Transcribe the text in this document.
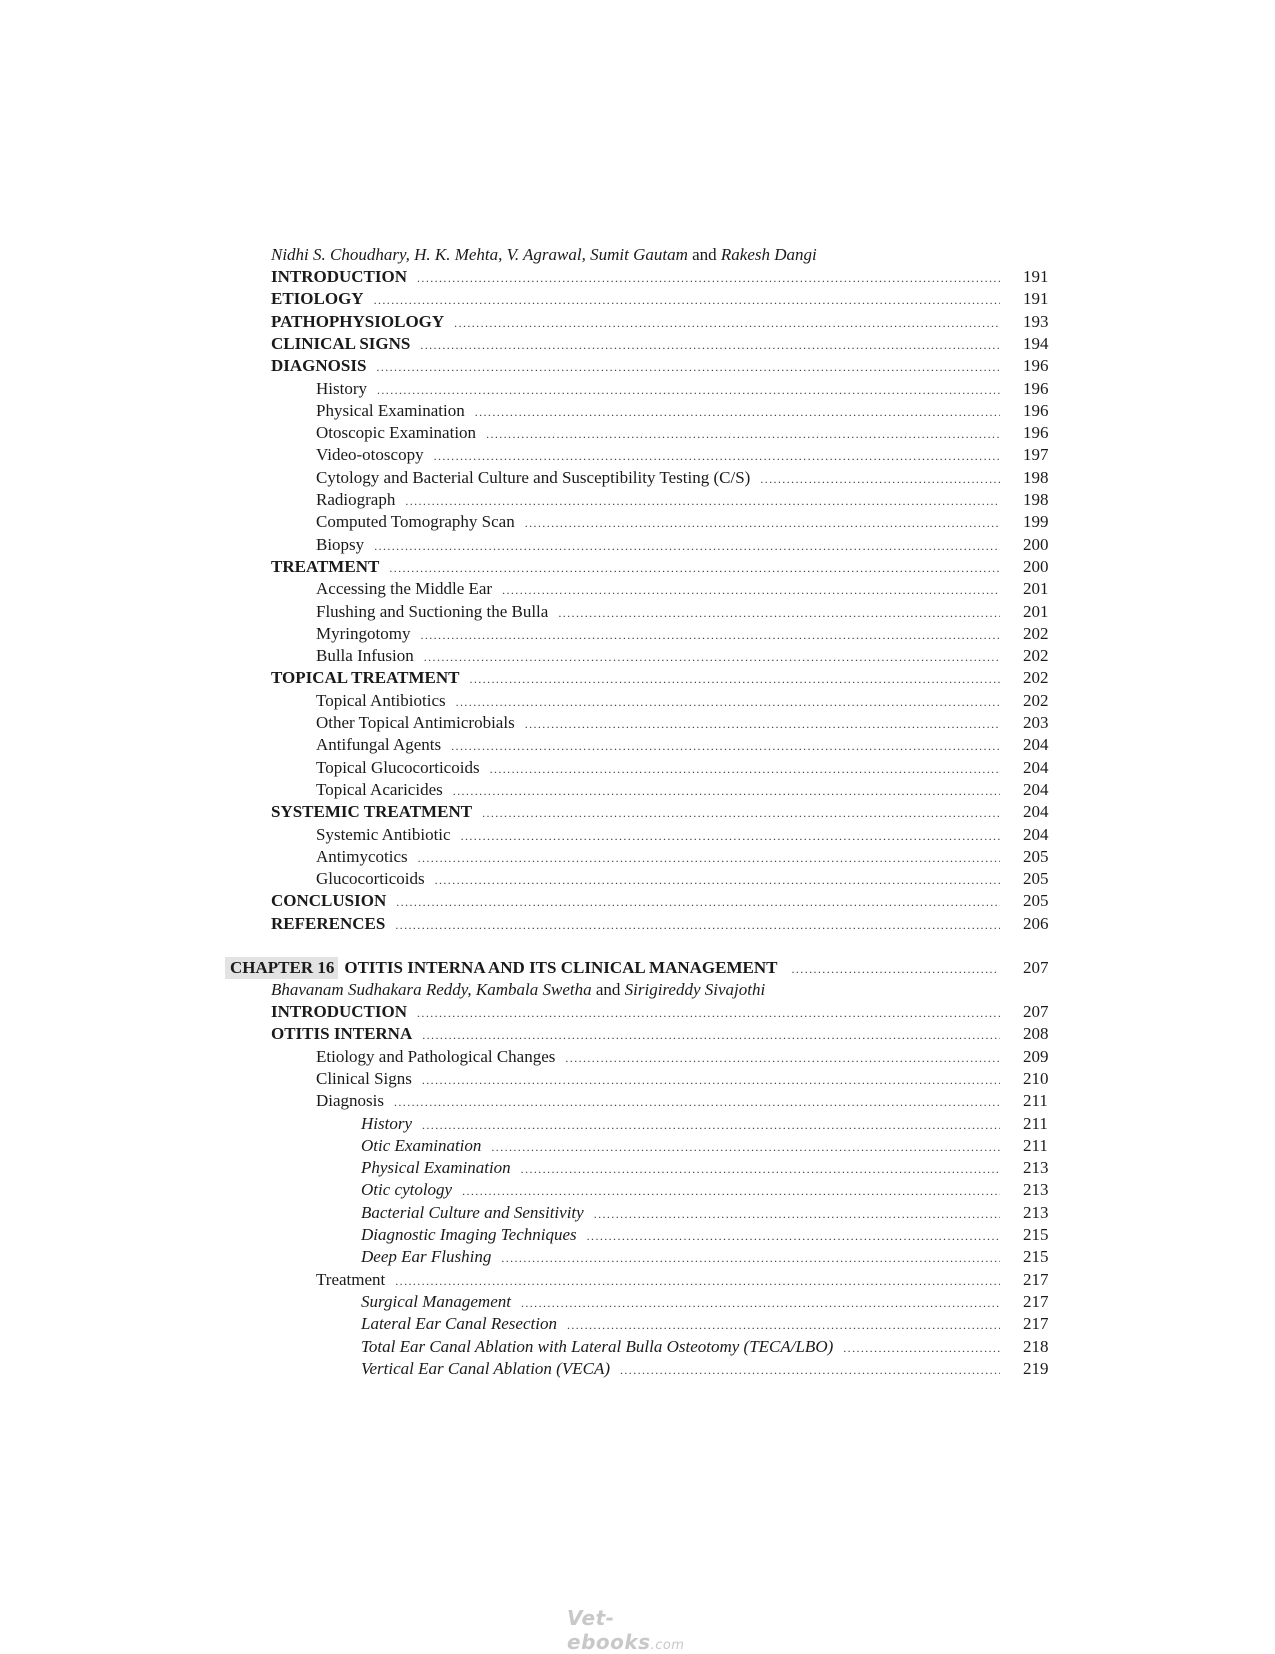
Nidhi S. Choudhary, H. K. Mehta, V. Agrawal, Sumit Gautam and Rakesh Dangi
INTRODUCTION .....	191
ETIOLOGY .....	191
PATHOPHYSIOLOGY .....	193
CLINICAL SIGNS .....	194
DIAGNOSIS .....	196
History .....	196
Physical Examination .....	196
Otoscopic Examination .....	196
Video-otoscopy .....	197
Cytology and Bacterial Culture and Susceptibility Testing (C/S) .....	198
Radiograph .....	198
Computed Tomography Scan .....	199
Biopsy .....	200
TREATMENT .....	200
Accessing the Middle Ear .....	201
Flushing and Suctioning the Bulla .....	201
Myringotomy .....	202
Bulla Infusion .....	202
TOPICAL TREATMENT .....	202
Topical Antibiotics .....	202
Other Topical Antimicrobials .....	203
Antifungal Agents .....	204
Topical Glucocorticoids .....	204
Topical Acaricides .....	204
SYSTEMIC TREATMENT .....	204
Systemic Antibiotic .....	204
Antimycotics .....	205
Glucocorticoids .....	205
CONCLUSION .....	205
REFERENCES .....	206
CHAPTER 16 OTITIS INTERNA AND ITS CLINICAL MANAGEMENT .....	207
Bhavanam Sudhakara Reddy, Kambala Swetha and Sirigireddy Sivajothi
INTRODUCTION .....	207
OTITIS INTERNA .....	208
Etiology and Pathological Changes .....	209
Clinical Signs .....	210
Diagnosis .....	211
History .....	211
Otic Examination .....	211
Physical Examination .....	213
Otic cytology .....	213
Bacterial Culture and Sensitivity .....	213
Diagnostic Imaging Techniques .....	215
Deep Ear Flushing .....	215
Treatment .....	217
Surgical Management .....	217
Lateral Ear Canal Resection .....	217
Total Ear Canal Ablation with Lateral Bulla Osteotomy (TECA/LBO) .....	218
Vertical Ear Canal Ablation (VECA) .....	219
Vet-ebooks.com
